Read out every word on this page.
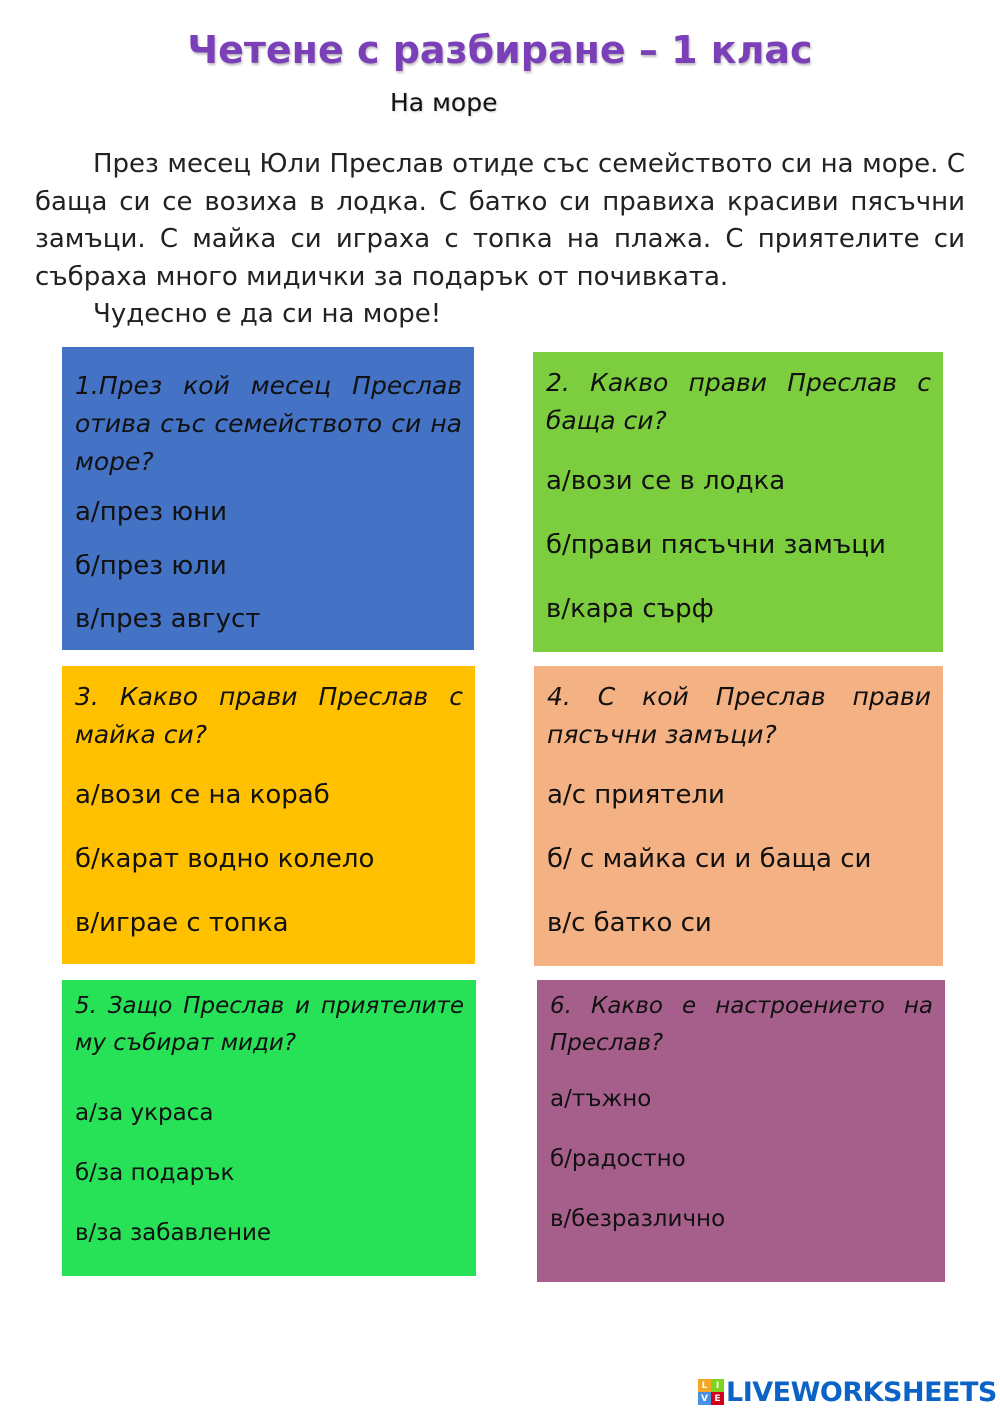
Четене с разбиране – 1 клас
На море

През месец Юли Преслав отиде със семейството си на море. С баща си се возиха в лодка. С батко си правиха красиви пясъчни замъци. С майка си играха с топка на плажа. С приятелите си събраха много мидички за подарък от почивката.

Чудесно е да си на море!

1.През кой месец Преслав отива със семейството си на море?

а/през юни

б/през юли

в/през август

2. Какво прави Преслав с баща си?

а/вози се в лодка

б/прави пясъчни замъци

в/кара сърф

3. Какво прави Преслав с майка си?

а/вози се на кораб

б/карат водно колело

в/играе с топка

4. С кой Преслав прави пясъчни замъци?

а/с приятели

б/ с майка си и баща си

в/с батко си

5. Защо Преслав и приятелите му събират миди?

а/за украса

б/за подарък

в/за забавление

6. Какво е настроението на Преслав?

а/тъжно

б/радостно

в/безразлично

L I
V E LIVEWORKSHEETS
